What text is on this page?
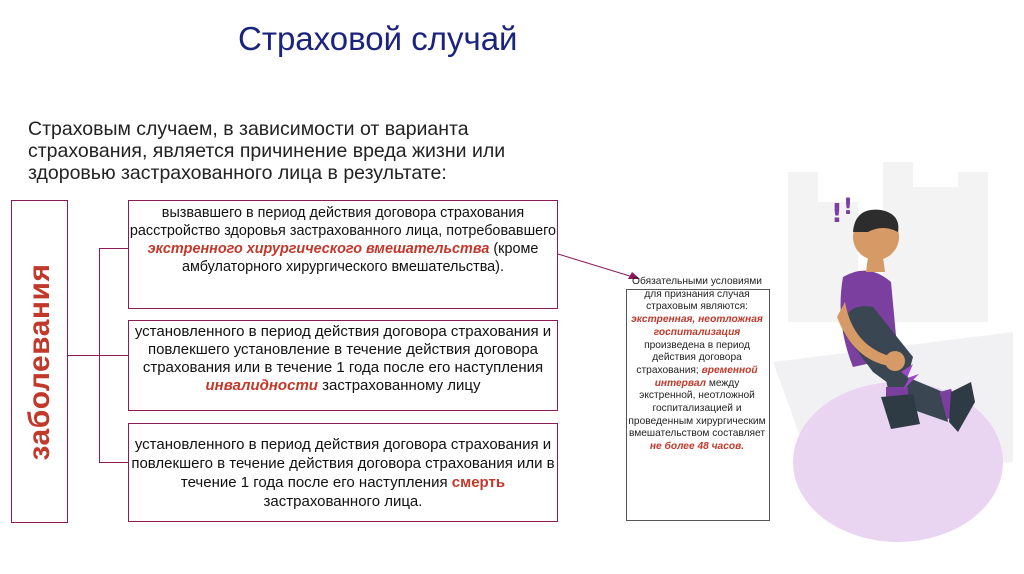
Страховой случай
Страховым случаем, в зависимости от варианта страхования, является причинение вреда жизни или здоровью застрахованного лица в результате:
заболевания
вызвавшего в период действия договора страхования расстройство здоровья застрахованного лица, потребовавшего экстренного хирургического вмешательства (кроме амбулаторного хирургического вмешательства).
установленного в период действия договора страхования и повлекшего установление в течение действия договора страхования или в течение 1 года после его наступления инвалидности застрахованному лицу
установленного в период действия договора страхования и повлекшего в течение действия договора страхования или в течение 1 года после его наступления смерть застрахованного лица.
Обязательными условиями для признания случая страховым являются:
экстренная, неотложная госпитализация произведена в период действия договора страхования; временной интервал между экстренной, неотложной госпитализацией и проведенным хирургическим вмешательством составляет не более 48 часов.
! !
